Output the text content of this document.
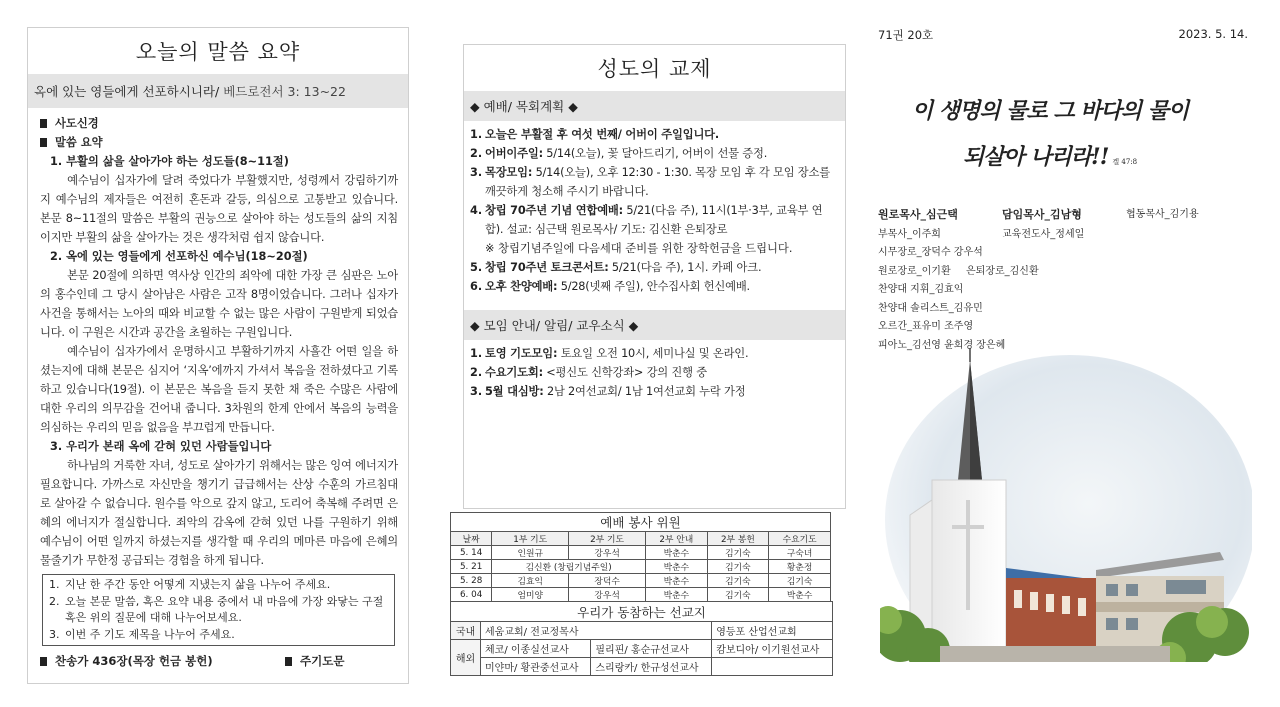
오늘의 말씀 요약
옥에 있는 영들에게 선포하시니라/ 베드로전서 3: 13~22
사도신경
말씀 요약
1. 부활의 삶을 살아가야 하는 성도들(8~11절)
예수님이 십자가에 달려 죽었다가 부활했지만, 성령께서 강림하기까지 예수님의 제자들은 여전히 혼돈과 갈등, 의심으로 고통받고 있습니다. 본문 8~11절의 말씀은 부활의 권능으로 살아야 하는 성도들의 삶의 지침이지만 부활의 삶을 살아가는 것은 생각처럼 쉽지 않습니다.
2. 옥에 있는 영들에게 선포하신 예수님(18~20절)
본문 20절에 의하면 역사상 인간의 죄악에 대한 가장 큰 심판은 노아의 홍수인데 그 당시 살아남은 사람은 고작 8명이었습니다. 그러나 십자가 사건을 통해서는 노아의 때와 비교할 수 없는 많은 사람이 구원받게 되었습니다. 이 구원은 시간과 공간을 초월하는 구원입니다.
예수님이 십자가에서 운명하시고 부활하기까지 사흘간 어떤 일을 하셨는지에 대해 본문은 심지어 ‘지옥’에까지 가셔서 복음을 전하셨다고 기록하고 있습니다(19절). 이 본문은 복음을 듣지 못한 채 죽은 수많은 사람에 대한 우리의 의무감을 건어내 줍니다. 3차원의 한계 안에서 복음의 능력을 의심하는 우리의 믿음 없음을 부끄럽게 만듭니다.
3. 우리가 본래 옥에 갇혀 있던 사람들입니다
하나님의 거룩한 자녀, 성도로 살아가기 위해서는 많은 잉여 에너지가 필요합니다. 가까스로 자신만을 챙기기 급급해서는 산상 수훈의 가르침대로 살아갈 수 없습니다. 원수를 악으로 갚지 않고, 도리어 축복해 주려면 은혜의 에너지가 절실합니다. 죄악의 감옥에 갇혀 있던 나를 구원하기 위해 예수님이 어떤 일까지 하셨는지를 생각할 때 우리의 메마른 마음에 은혜의 물줄기가 무한정 공급되는 경험을 하게 됩니다.
1. 지난 한 주간 동안 어떻게 지냈는지 삶을 나누어 주세요.
2. 오늘 본문 말씀, 혹은 요약 내용 중에서 내 마음에 가장 와닿는 구절 혹은 위의 질문에 대해 나누어보세요.
3. 이번 주 기도 제목을 나누어 주세요.
찬송가 436장(목장 헌금 봉헌)	주기도문
성도의 교제
◆ 예배/ 목회계획 ◆
1. 오늘은 부활절 후 여섯 번째/ 어버이 주일입니다.
2. 어버이주일: 5/14(오늘), 꽃 달아드리기, 어버이 선물 증정.
3. 목장모임: 5/14(오늘), 오후 12:30 - 1:30. 목장 모임 후 각 모임 장소를 깨끗하게 청소해 주시기 바랍니다.
4. 창립 70주년 기념 연합예배: 5/21(다음 주), 11시(1부·3부, 교육부 연합). 설교: 심근택 원로목사/ 기도: 김신환 은퇴장로
※ 창립기념주일에 다음세대 준비를 위한 장학헌금을 드립니다.
5. 창립 70주년 토크콘서트: 5/21(다음 주), 1시. 카페 아크.
6. 오후 찬양예배: 5/28(넷째 주일), 안수집사회 헌신예배.
◆ 모임 안내/ 알림/ 교우소식 ◆
1. 토영 기도모임: 토요일 오전 10시, 세미나실 및 온라인.
2. 수요기도회: <평신도 신학강좌> 강의 진행 중
3. 5월 대심방: 2남 2여선교회/ 1남 1여선교회 누락 가정
예배 봉사 위원					
날짜	1부 기도	2부 기도	2부 안내	2부 봉헌	수요기도
5. 14	인원규	강우석	박춘수	김기숙	구숙녀
5. 21	김신환 (창립기념주일)		박춘수	김기숙	황춘정
5. 28	김효익	장덕수	박춘수	김기숙	김기숙
6. 04	엄미양	강우석	박춘수	김기숙	박춘수
우리가 동참하는 선교지			
국내	세움교회/ 전교정목사		영등포 산업선교회
해외	체코/ 이종실선교사	필리핀/ 홍순규선교사	캄보디아/ 이기원선교사
	미얀마/ 황관중선교사	스리랑카/ 한규성선교사	
71권 20호	2023. 5. 14.
이 생명의 물로 그 바다의 물이
되살아 나리라!! 겔 47:8
원로목사_심근택	담임목사_김남형	협동목사_김기용
부목사_이주희	교육전도사_정세일
시무장로_장덕수 강우석
원로장로_이기환	은퇴장로_김신환
찬양대 지휘_김효익
찬양대 솔리스트_김유민
오르간_표유미 조주영
피아노_김선영 윤희경 장은혜
